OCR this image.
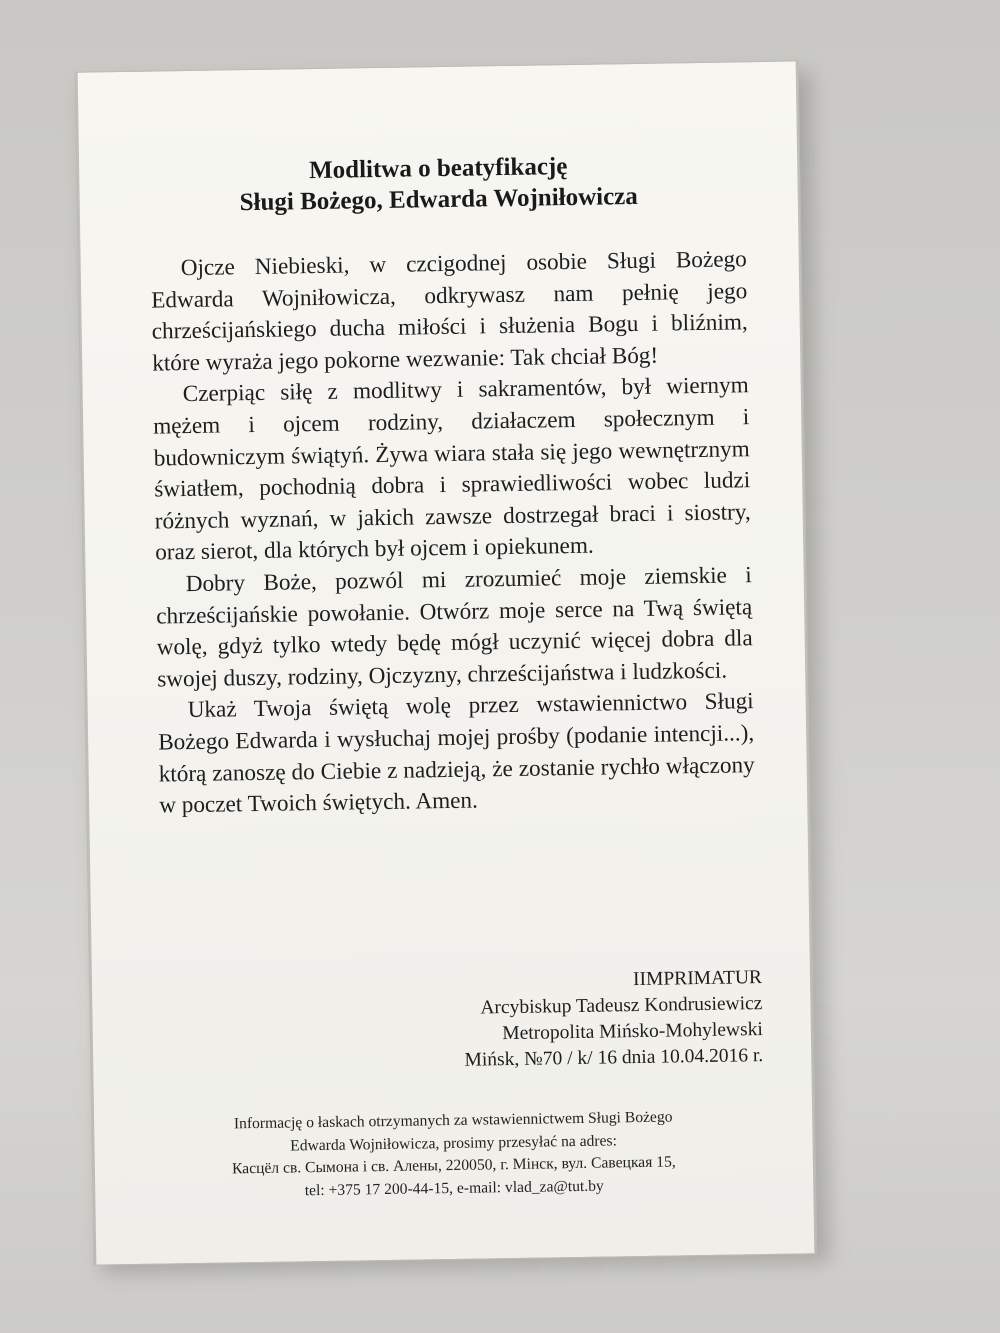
Modlitwa o beatyfikację
Sługi Bożego, Edwarda Wojniłowicza

Ojcze Niebieski, w czcigodnej osobie Sługi Bożego Edwarda Wojniłowicza, odkrywasz nam pełnię jego chrześcijańskiego ducha miłości i służenia Bogu i bliźnim, które wyraża jego pokorne wezwanie: Tak chciał Bóg!

Czerpiąc siłę z modlitwy i sakramentów, był wiernym mężem i ojcem rodziny, działaczem społecznym i budowniczym świątyń. Żywa wiara stała się jego wewnętrznym światłem, pochodnią dobra i sprawiedliwości wobec ludzi różnych wyznań, w jakich zawsze dostrzegał braci i siostry, oraz sierot, dla których był ojcem i opiekunem.

Dobry Boże, pozwól mi zrozumieć moje ziemskie i chrześcijańskie powołanie. Otwórz moje serce na Twą świętą wolę, gdyż tylko wtedy będę mógł uczynić więcej dobra dla swojej duszy, rodziny, Ojczyzny, chrześcijaństwa i ludzkości.

Ukaż Twoja świętą wolę przez wstawiennictwo Sługi Bożego Edwarda i wysłuchaj mojej prośby (podanie intencji...), którą zanoszę do Ciebie z nadzieją, że zostanie rychło włączony w poczet Twoich świętych. Amen.

IIMPRIMATUR
Arcybiskup Tadeusz Kondrusiewicz
Metropolita Mińsko-Mohylewski
Mińsk, №70 / k/ 16 dnia 10.04.2016 r.
Informację o łaskach otrzymanych za wstawiennictwem Sługi Bożego
Edwarda Wojniłowicza, prosimy przesyłać na adres:
Касцёл св. Сымона і св. Алены, 220050, г. Мінск, вул. Савецкая 15,
tel: +375 17 200-44-15, e-mail: vlad_za@tut.by
